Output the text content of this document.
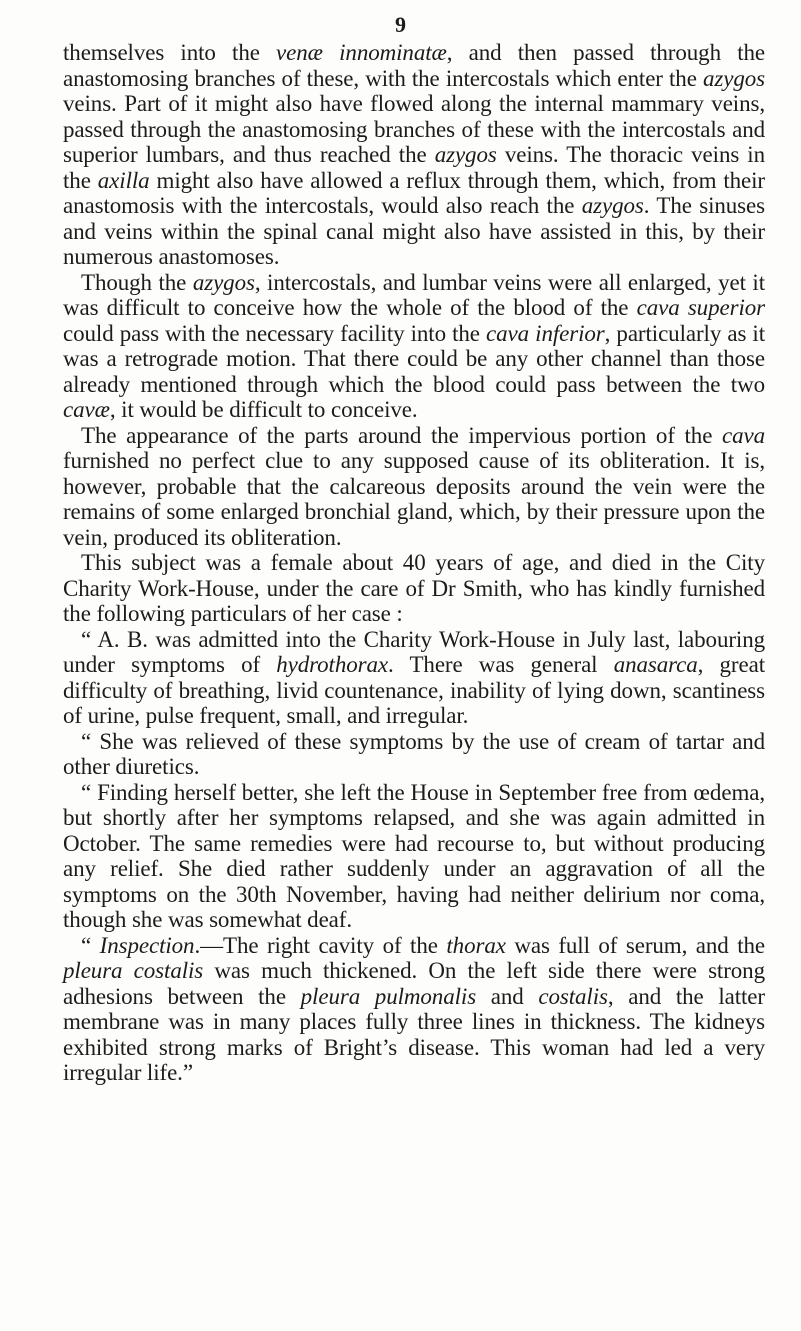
9

themselves into the venæ innominatæ, and then passed through the anastomosing branches of these, with the intercostals which enter the azygos veins. Part of it might also have flowed along the internal mammary veins, passed through the anastomosing branches of these with the intercostals and superior lumbars, and thus reached the azygos veins. The thoracic veins in the axilla might also have allowed a reflux through them, which, from their anastomosis with the intercostals, would also reach the azygos. The sinuses and veins within the spinal canal might also have assisted in this, by their numerous anastomoses.

Though the azygos, intercostals, and lumbar veins were all enlarged, yet it was difficult to conceive how the whole of the blood of the cava superior could pass with the necessary facility into the cava inferior, particularly as it was a retrograde motion. That there could be any other channel than those already mentioned through which the blood could pass between the two cavæ, it would be difficult to conceive.

The appearance of the parts around the impervious portion of the cava furnished no perfect clue to any supposed cause of its obliteration. It is, however, probable that the calcareous deposits around the vein were the remains of some enlarged bronchial gland, which, by their pressure upon the vein, produced its obliteration.

This subject was a female about 40 years of age, and died in the City Charity Work-House, under the care of Dr Smith, who has kindly furnished the following particulars of her case :

“ A. B. was admitted into the Charity Work-House in July last, labouring under symptoms of hydrothorax. There was general anasarca, great difficulty of breathing, livid countenance, inability of lying down, scantiness of urine, pulse frequent, small, and irregular.

“ She was relieved of these symptoms by the use of cream of tartar and other diuretics.

“ Finding herself better, she left the House in September free from œdema, but shortly after her symptoms relapsed, and she was again admitted in October. The same remedies were had recourse to, but without producing any relief. She died rather suddenly under an aggravation of all the symptoms on the 30th November, having had neither delirium nor coma, though she was somewhat deaf.

“ Inspection.—The right cavity of the thorax was full of serum, and the pleura costalis was much thickened. On the left side there were strong adhesions between the pleura pulmonalis and costalis, and the latter membrane was in many places fully three lines in thickness. The kidneys exhibited strong marks of Bright’s disease. This woman had led a very irregular life.”
